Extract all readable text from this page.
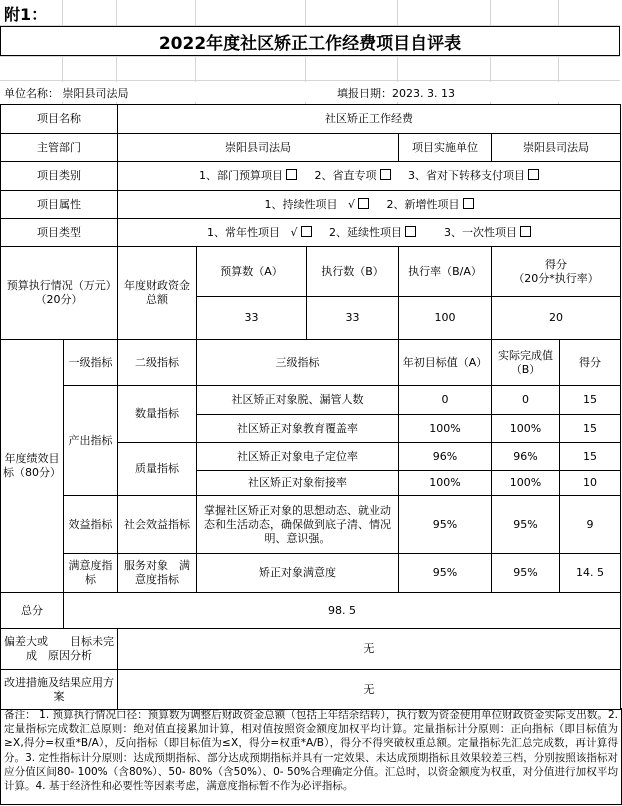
附1：
2022年度社区矫正工作经费项目自评表
单位名称： 崇阳县司法局	填报日期：2023. 3. 13
项目名称		社区矫正工作经费					
主管部门		崇阳县司法局			项目实施单位	崇阳县司法局	
项目类别		1、部门预算项目 2、省直专项 3、省对下转移支付项目					
项目属性		1、持续性项目 √ 2、新增性项目					
项目类型		1、常年性项目 √ 2、延续性项目 3、一次性项目					
预算执行情况（万元）　（20分）		年度财政资金总额	预算数（A）	执行数（B）	执行率（B/A）	得分
（20分*执行率）	
			33	33	100	20	
年度绩效目标（80分）	一级指标	二级指标	三级指标		年初目标值（A）	实际完成值（B）	得分
	产出指标	数量指标	社区矫正对象脱、漏管人数		0	0	15
			社区矫正对象教育覆盖率		100%	100%	15
		质量指标	社区矫正对象电子定位率		96%	96%	15
			社区矫正对象衔接率		100%	100%	10
	效益指标	社会效益指标	掌握社区矫正对象的思想动态、就业动态和生活动态，确保做到底子清、情况明、意识强。		95%	95%	9
	满意度指标	服务对象　满意度指标	矫正对象满意度		95%	95%	14. 5

总分	98. 5						
偏差大或　　目标未完成　原因分析		无					
改进措施及结果应用方案		无					
备注： 1. 预算执行情况口径：预算数为调整后财政资金总额（包括上年结余结转），执行数为资金使用单位财政资金实际支出数。2. 定量指标完成数汇总原则：绝对值直接累加计算，相对值按照资金额度加权平均计算。定量指标计分原则：正向指标（即目标值为≥Ⅹ,得分=权重*B/A），反向指标（即目标值为≤Ⅹ，得分=权重*A/B），得分不得突破权重总额。定量指标先汇总完成数，再计算得分。3. 定性指标计分原则：达成预期指标、部分达成预期指标并具有一定效果、未达成预期指标且效果较差三档，分别按照该指标对应分值区间80- 100%（含80%）、50- 80%（含50%）、0- 50%合理确定分值。汇总时，以资金额度为权重，对分值进行加权平均计算。4. 基于经济性和必要性等因素考虑，满意度指标暂不作为必评指标。
